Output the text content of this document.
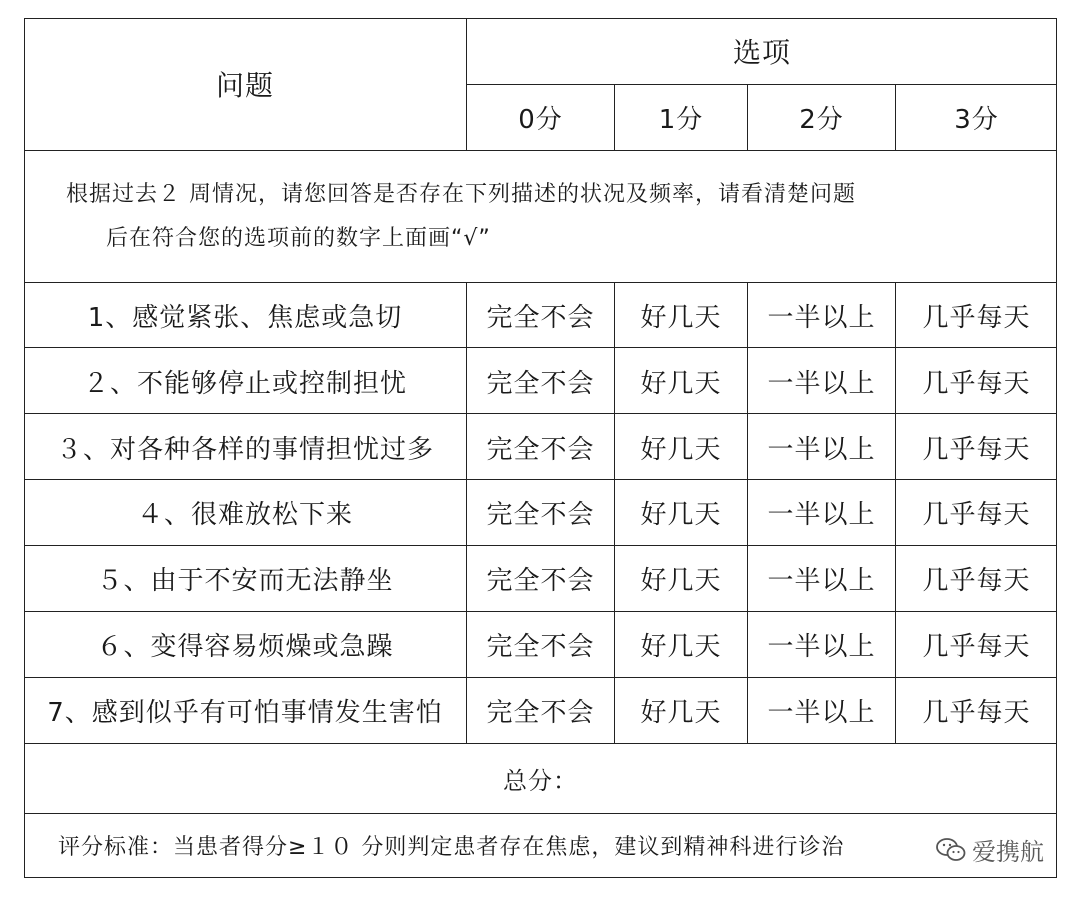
问题
选项
0分	1分	2分	3分
根据过去２ 周情况，请您回答是否存在下列描述的状况及频率，请看清楚问题
后在符合您的选项前的数字上面画“√”
1、感觉紧张、焦虑或急切	完全不会	好几天	一半以上	几乎每天
２、不能够停止或控制担忧	完全不会	好几天	一半以上	几乎每天
３、对各种各样的事情担忧过多	完全不会	好几天	一半以上	几乎每天
４、很难放松下来	完全不会	好几天	一半以上	几乎每天
５、由于不安而无法静坐	完全不会	好几天	一半以上	几乎每天
６、变得容易烦燥或急躁	完全不会	好几天	一半以上	几乎每天
7、感到似乎有可怕事情发生害怕	完全不会	好几天	一半以上	几乎每天
总分：
评分标准：当患者得分≥１０ 分则判定患者存在焦虑，建议到精神科进行诊治	爱携航
